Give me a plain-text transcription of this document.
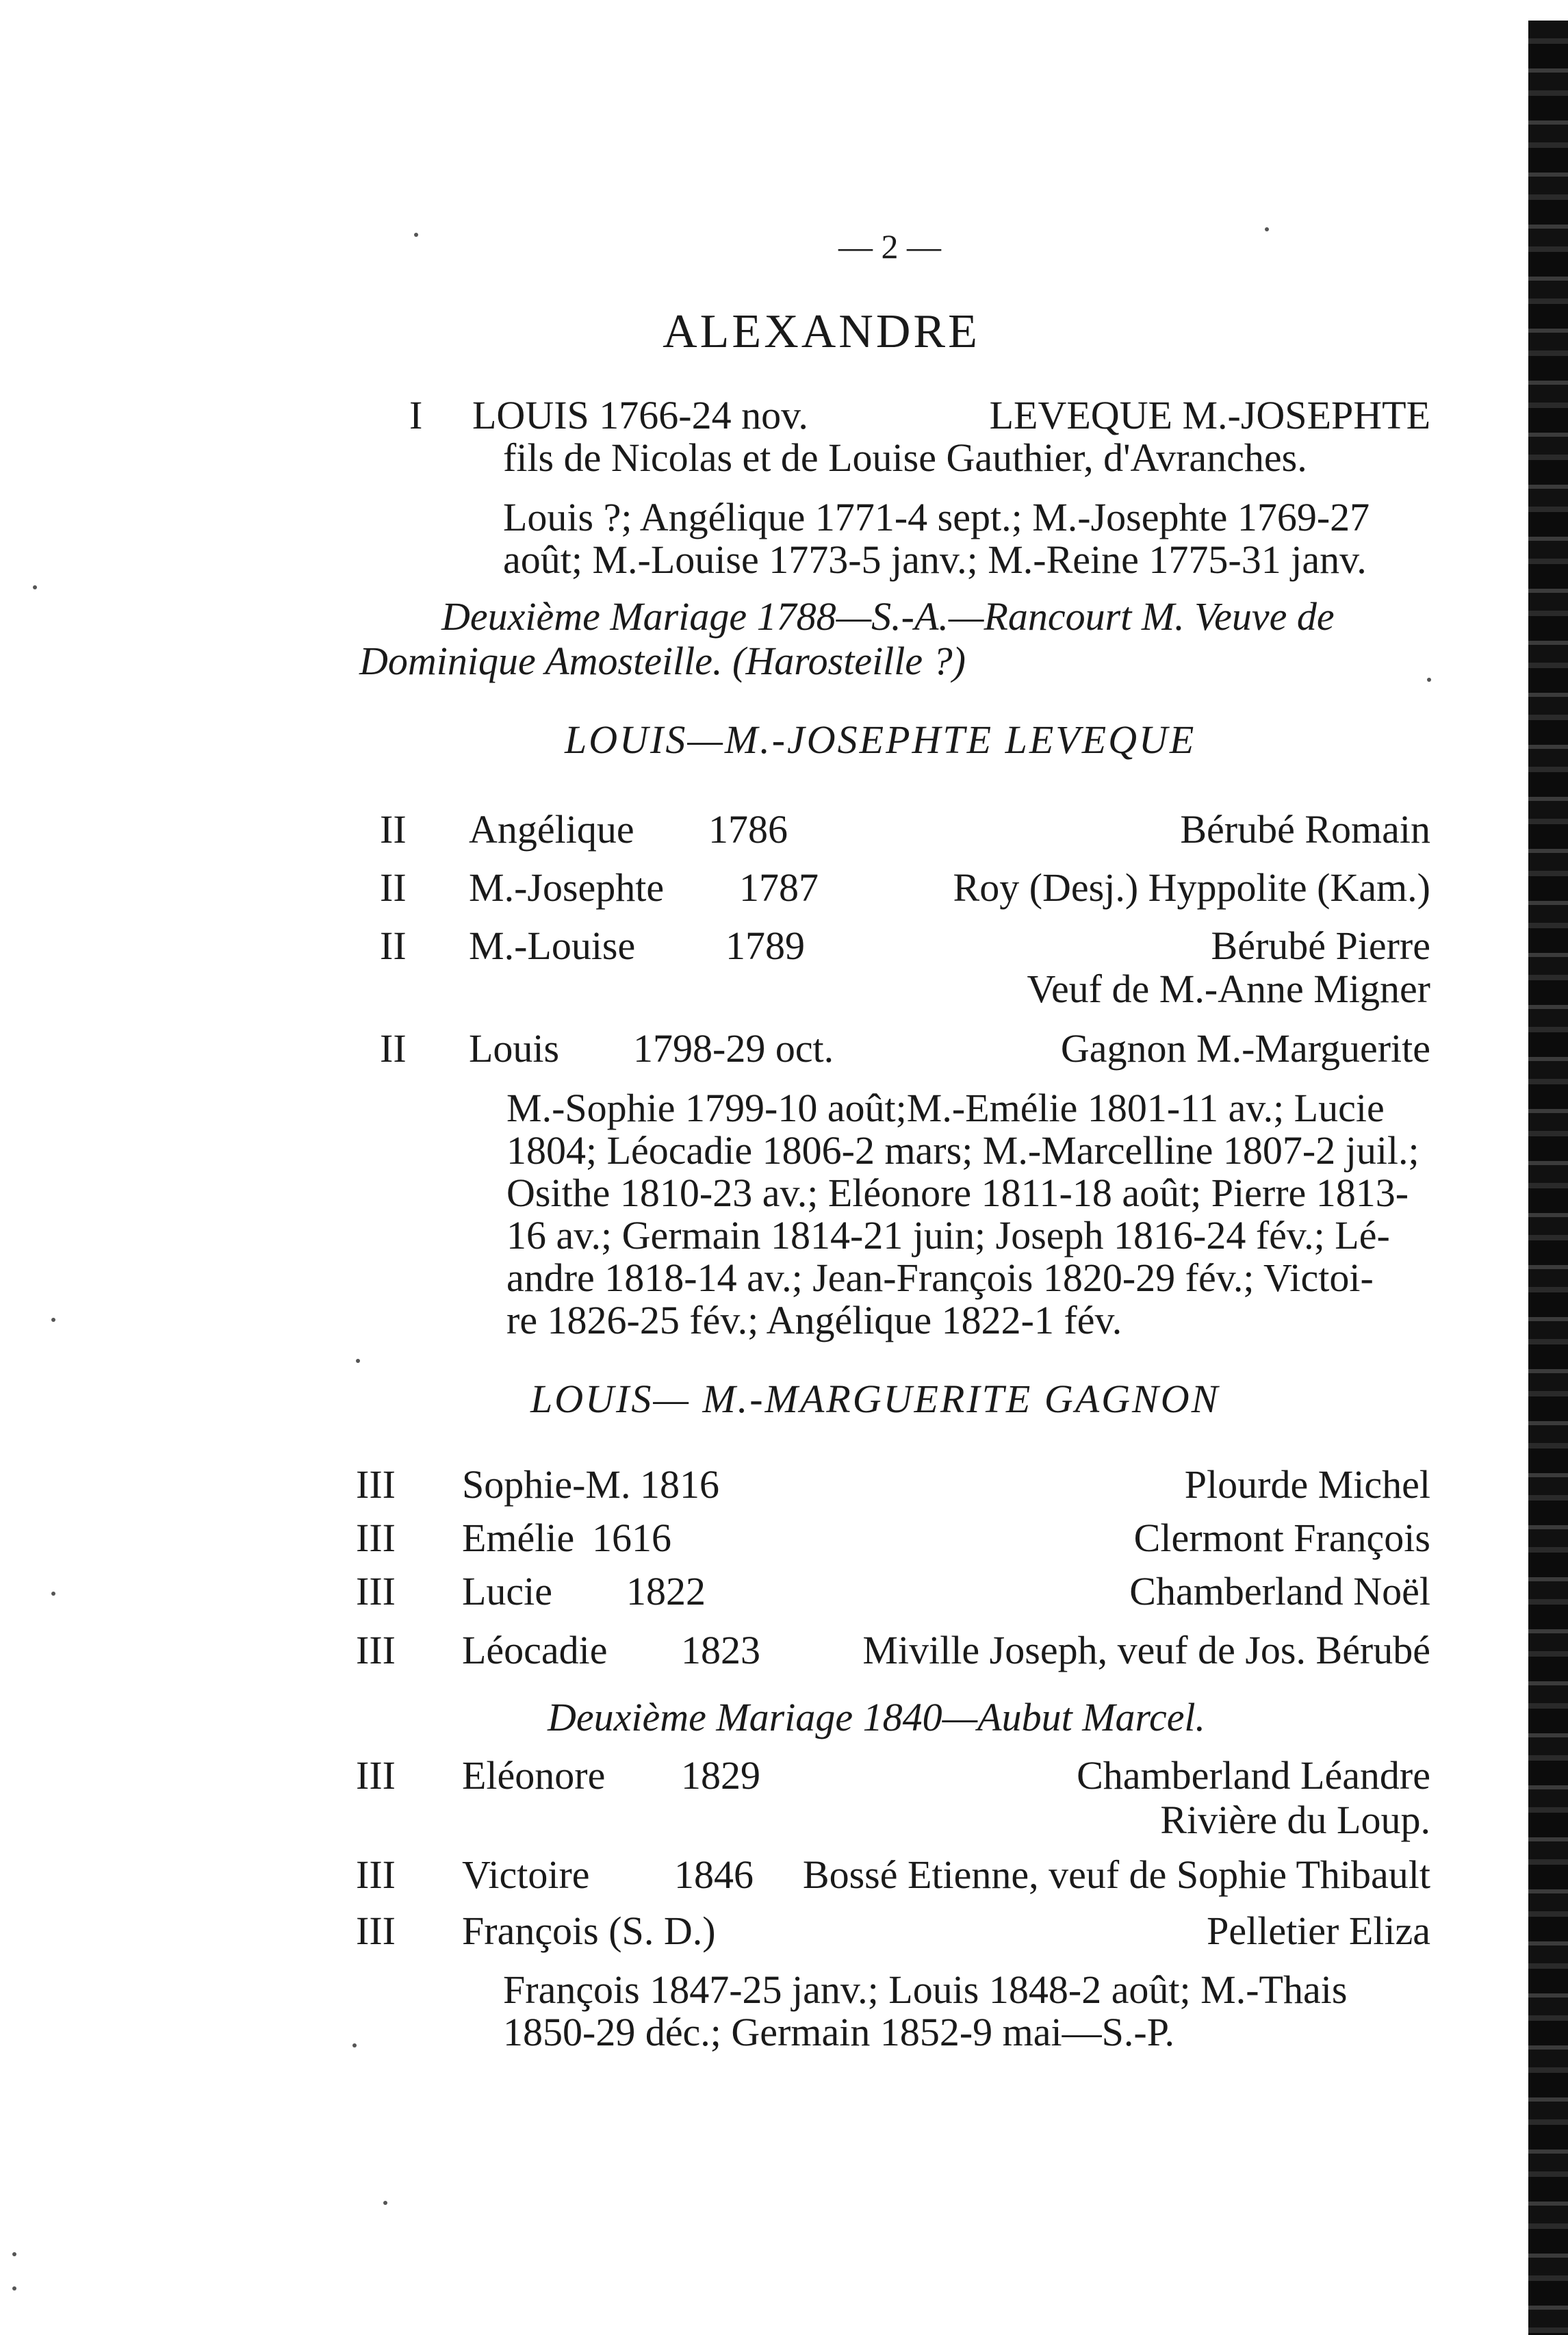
— 2 —
ALEXANDRE
I LOUIS 1766-24 nov.	LEVEQUE M.-JOSEPHTE
fils de Nicolas et de Louise Gauthier, d'Avranches.
Louis ?; Angélique 1771-4 sept.; M.-Josephte 1769-27
août; M.-Louise 1773-5 janv.; M.-Reine 1775-31 janv.
Deuxième Mariage 1788—S.-A.—Rancourt M. Veuve de
Dominique Amosteille. (Harosteille ?)
LOUIS—M.-JOSEPHTE LEVEQUE
II Angélique 1786	Bérubé Romain
II M.-Josephte 1787	Roy (Desj.) Hyppolite (Kam.)
II M.-Louise 1789	Bérubé Pierre
Veuf de M.-Anne Migner
II Louis 1798-29 oct.	Gagnon M.-Marguerite
M.-Sophie 1799-10 août;M.-Emélie 1801-11 av.; Lucie
1804; Léocadie 1806-2 mars; M.-Marcelline 1807-2 juil.;
Osithe 1810-23 av.; Eléonore 1811-18 août; Pierre 1813-
16 av.; Germain 1814-21 juin; Joseph 1816-24 fév.; Lé-
andre 1818-14 av.; Jean-François 1820-29 fév.; Victoi-
re 1826-25 fév.; Angélique 1822-1 fév.
LOUIS— M.-MARGUERITE GAGNON
III Sophie-M. 1816	Plourde Michel
III Emélie 1616	Clermont François
III Lucie 1822	Chamberland Noël
III Léocadie 1823	Miville Joseph, veuf de Jos. Bérubé
Deuxième Mariage 1840—Aubut Marcel.
III Eléonore 1829	Chamberland Léandre
Rivière du Loup.
III Victoire 1846	Bossé Etienne, veuf de Sophie Thibault
III François (S. D.)	Pelletier Eliza
François 1847-25 janv.; Louis 1848-2 août; M.-Thais
1850-29 déc.; Germain 1852-9 mai—S.-P.
